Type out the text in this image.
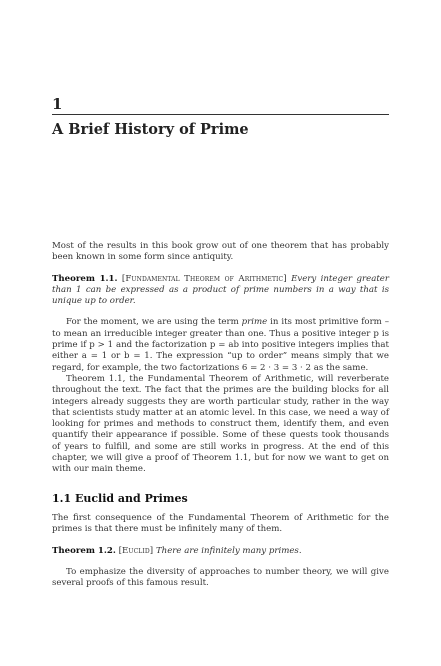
1
A Brief History of Prime

Most of the results in this book grow out of one theorem that has probably been known in some form since antiquity.

Theorem 1.1. [Fundamental Theorem of Arithmetic] Every integer greater than 1 can be expressed as a product of prime numbers in a way that is unique up to order.

For the moment, we are using the term prime in its most primitive form – to mean an irreducible integer greater than one. Thus a positive integer p is prime if p > 1 and the factorization p = ab into positive integers implies that either a = 1 or b = 1. The expression “up to order” means simply that we regard, for example, the two factorizations 6 = 2 · 3 = 3 · 2 as the same.

Theorem 1.1, the Fundamental Theorem of Arithmetic, will reverberate throughout the text. The fact that the primes are the building blocks for all integers already suggests they are worth particular study, rather in the way that scientists study matter at an atomic level. In this case, we need a way of looking for primes and methods to construct them, identify them, and even quantify their appearance if possible. Some of these quests took thousands of years to fulfill, and some are still works in progress. At the end of this chapter, we will give a proof of Theorem 1.1, but for now we want to get on with our main theme.

1.1 Euclid and Primes

The first consequence of the Fundamental Theorem of Arithmetic for the primes is that there must be infinitely many of them.

Theorem 1.2. [Euclid] There are infinitely many primes.

To emphasize the diversity of approaches to number theory, we will give several proofs of this famous result.
